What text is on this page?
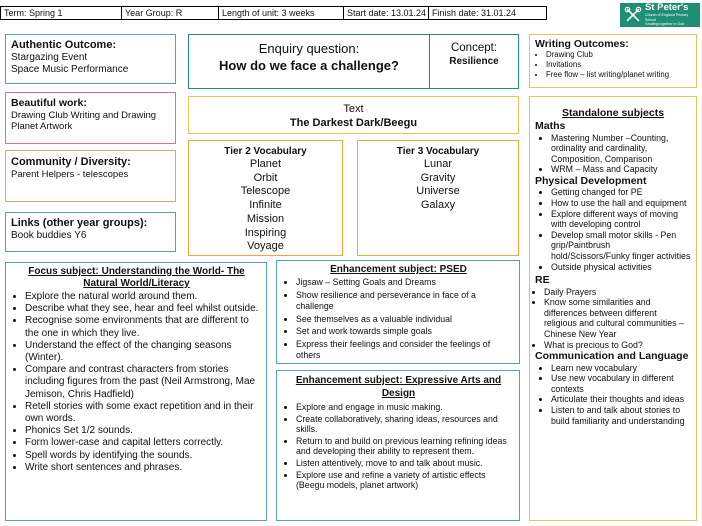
Term: Spring 1	Year Group: R	Length of unit: 3 weeks	Start date: 13.01.24 Finish date: 31.01.24	St Peter's
Church of England Primary School
Growing together in God
Authentic Outcome:
Stargazing Event
Space Music Performance
Beautiful work:
Drawing Club Writing and Drawing
Planet Artwork
Community / Diversity:
Parent Helpers - telescopes
Links (other year groups):
Book buddies Y6
Enquiry question:
How do we face a challenge?
Concept:
Resilience
Text
The Darkest Dark/Beegu
Tier 2 Vocabulary
Planet
Orbit
Telescope
Infinite
Mission
Inspiring
Voyage
Tier 3 Vocabulary
Lunar
Gravity
Universe
Galaxy
Writing Outcomes:
• Drawing Club
• Invitations
• Free flow – list writing/planet writing
Focus subject: Understanding the World- The Natural World/Literacy
• Explore the natural world around them.
• Describe what they see, hear and feel whilst outside.
• Recognise some environments that are different to the one in which they live.
• Understand the effect of the changing seasons (Winter).
• Compare and contrast characters from stories including figures from the past (Neil Armstrong, Mae Jemison, Chris Hadfield)
• Retell stories with some exact repetition and in their own words.
• Phonics Set 1/2 sounds.
• Form lower-case and capital letters correctly.
• Spell words by identifying the sounds.
• Write short sentences and phrases.
Enhancement subject: PSED
• Jigsaw – Setting Goals and Dreams
• Show resilience and perseverance in face of a challenge
• See themselves as a valuable individual
• Set and work towards simple goals
• Express their feelings and consider the feelings of others
Enhancement subject: Expressive Arts and Design
• Explore and engage in music making.
• Create collaboratively, sharing ideas, resources and skills.
• Return to and build on previous learning refining ideas and developing their ability to represent them.
• Listen attentively, move to and talk about music.
• Explore use and refine a variety of artistic effects (Beegu models, planet artwork)
Standalone subjects
Maths
• Mastering Number –Counting, ordinality and cardinality, Composition, Comparison
• WRM – Mass and Capacity
Physical Development
• Getting changed for PE
• How to use the hall and equipment
• Explore different ways of moving with developing control
• Develop small motor skills - Pen grip/Paintbrush hold/Scissors/Funky finger activities
• Outside physical activities
RE
• Daily Prayers
• Know some similarities and differences between different religious and cultural communities – Chinese New Year
• What is precious to God?
Communication and Language
• Learn new vocabulary
• Use new vocabulary in different contexts
• Articulate their thoughts and ideas
• Listen to and talk about stories to build familiarity and understanding
